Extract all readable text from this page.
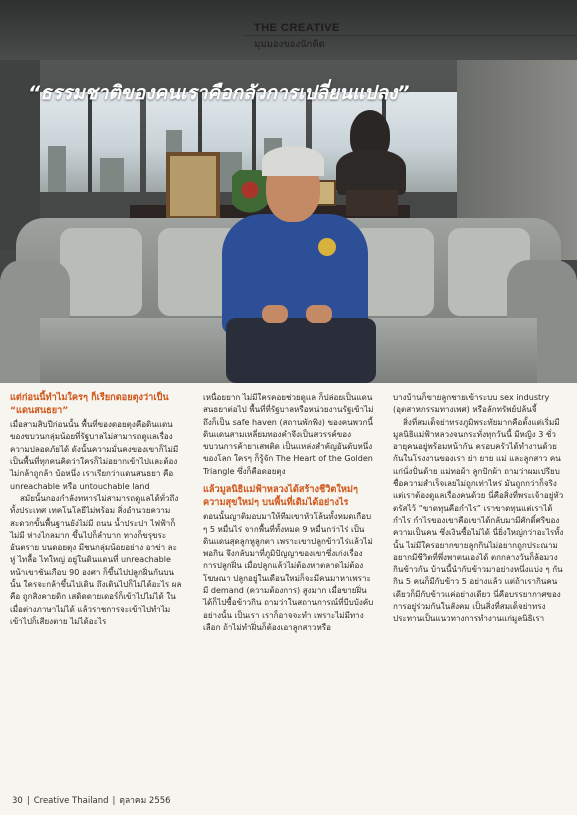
THE CREATIVE
มุมมองของนักคิด
“ธรรมชาติของคนเราคือกลัวการเปลี่ยนแปลง”
แต่ก่อนนี้ทำไมใครๆ ก็เรียกดอยตุงว่าเป็น “แดนสนธยา”

เมื่อสามสิบปีก่อนนั้น พื้นที่ของดอยตุงคือดินแดนของขบวนกลุ่มน้อยที่รัฐบาลไม่สามารถดูแลเรื่องความปลอดภัยได้ ดังนั้นความมั่นคงของเขาก็ไม่มี เป็นพื้นที่ทุกคนคิดว่าใครก็ไม่อยากเข้าไปและต้อง ไม่กล้าถูกล้า บ้อหนึ่ง เราเรียกว่าแดนสนธยา คือ unreachable หรือ untouchable land

สมัยนั้นกองกำลังทหารไม่สามารถดูแลได้ทั่วถึงทั้งประเทศ เทคโนโลยีไม่พร้อม สิ่งอำนวยความสะดวกขั้นพื้นฐานยังไม่มี ถนน น้ำประปา ไฟฟ้าก็ไม่มี ห่างไกลมาก ขึ้นไปก็ลำบาก ทางก็ขรุขระอันตราย บนดอยตุง มีชนกลุ่มน้อยอย่าง อาข่า ละหู่ ไทลื้อ ไทใหญ่ อยู่ในดินแดนที่ unreachable หน้าเขาชันเกือบ 90 องศา ก็ขึ้นไปปลูกฝิ่นกันบนนั้น ใครจะกล้าขึ้นไปเดิน ถึงเดินไปก็ไม่ได้อะไร ผลคือ ถูกสิงคายดิก เสดิดดายเดอร์ก็เข้าไปไม่ได้ ในเมื่อต่างภาษาไม่ได้ แล้วราชการจะเข้าไปทำไม เข้าไปก็เสียงตาย ไม่ได้อะไร

เหนื่อยยาก ไม่มีใครคอยช่วยดูแล ก็ปล่อยเป็นแดนสนธยาต่อไป พื้นที่ที่รัฐบาลหรือหน่วยงานรัฐเข้าไม่ถึงก็เป็น safe haven (สถานพักพิง) ของคนพวกนี้ ดินแดนสามเหลี่ยมทองคำจึงเป็นสวรรค์ของขบวนการค้ายาเสพติด เป็นแหล่งสำคัญอันดับหนึ่งของโลก ใครๆ ก็รู้จัก The Heart of the Golden Triangle ซึ่งก็คือดอยตุง

แล้วมูลนิธิแม่ฟ้าหลวงได้สร้างชีวิตใหม่ๆ ความสุขใหม่ๆ บนพื้นที่เดิมได้อย่างไร

ตอนนั้นญาติมอบมาให้ทีมเขาหัวโล้นทั้งหมดเกือบ ๆ 5 หมื่นไร่ จากพื้นที่ทั้งหมด 9 หมื่นกว่าไร่ เป็นดินแดนสุดลูกหูลูกตา เพราะเขาปลูกข้าวไร่แล้วไม่พอกิน จึงกลับมาที่ภูมิปัญญาของเขาซึ่งเก่งเรื่องการปลูกฝิ่น เมื่อปลูกแล้วไม่ต้องหาตลาดไม่ต้องโฆษณา ปลูกอยู่ในเดือนใหม่ก็จะมีคนมาหาเพราะมี demand (ความต้องการ) สูงมาก เมื่อขายฝิ่นได้ก็ไปซื้อข้าวกิน ถามว่าในสถานการณ์ที่บีบบังคับอย่างนั้น เป็นเรา เราก็อาจจะทำ เพราะไม่มีทางเลือก ถ้าไม่ทำฝิ่นก็ต้องเอาลูกสาวหรือ

บางบ้านก็ขายลูกชายเข้าระบบ sex industry (อุตสาหกรรมทางเพศ) หรือลักทรัพย์ปล้นจี้

สิ่งที่สมเด็จย่าทรงภูมิพระทัยมากคือตั้งแต่เริ่มมีมูลนิธิแม่ฟ้าหลวงจนกระทั่งทุกวันนี้ มีหญิง 3 ชั่วอายุคนอยู่พร้อมหน้ากัน ครอบครัวได้ทำงานด้วยกันในโรงงานของเรา ย่า ยาย แม่ และลูกสาว คนแก่นั่งปั่นด้าย แม่ทอผ้า ลูกปักผ้า ถามว่าผมเปรียบชื่อความสำเร็จเลยไม่ถูกเท่าไหร่ มันถูกกว่าก็จริงแต่เราต้องดูแลเรื่องคนด้วย นี่คือสิ่งที่พระเจ้าอยู่หัวตรัสไว้ “ขาดทุนคือกำไร” เราขาดทุนแต่เราได้กำไร กำไรของเขาคือเขาได้กลับมามีศักดิ์ศรีของความเป็นคน ซึ่งเงินซื้อไม่ได้ นี่ยิ่งใหญ่กว่าอะไรทั้งนั้น ไม่มีใครอยากขายลูกกินไม่อยากถูกประณาม อยากมีชีวิตที่พึ่งพาตนเองได้ ตกกลางวันก็ล้อมวงกินข้าวกัน บ้านนี้นำกับข้าวมาอย่างหนึ่งแบ่ง ๆ กันกิน 5 คนก็มีกับข้าว 5 อย่างแล้ว แต่ถ้าเรากินคนเดียวก็มีกับข้าวแค่อย่างเดียว นี่คือบรรยากาศของการอยู่ร่วมกันในสังคม เป็นสิ่งที่สมเด็จย่าทรงประทานเป็นแนวทางการทำงานแก่มูลนิธิเรา

30 | Creative Thailand | ตุลาคม 2556
